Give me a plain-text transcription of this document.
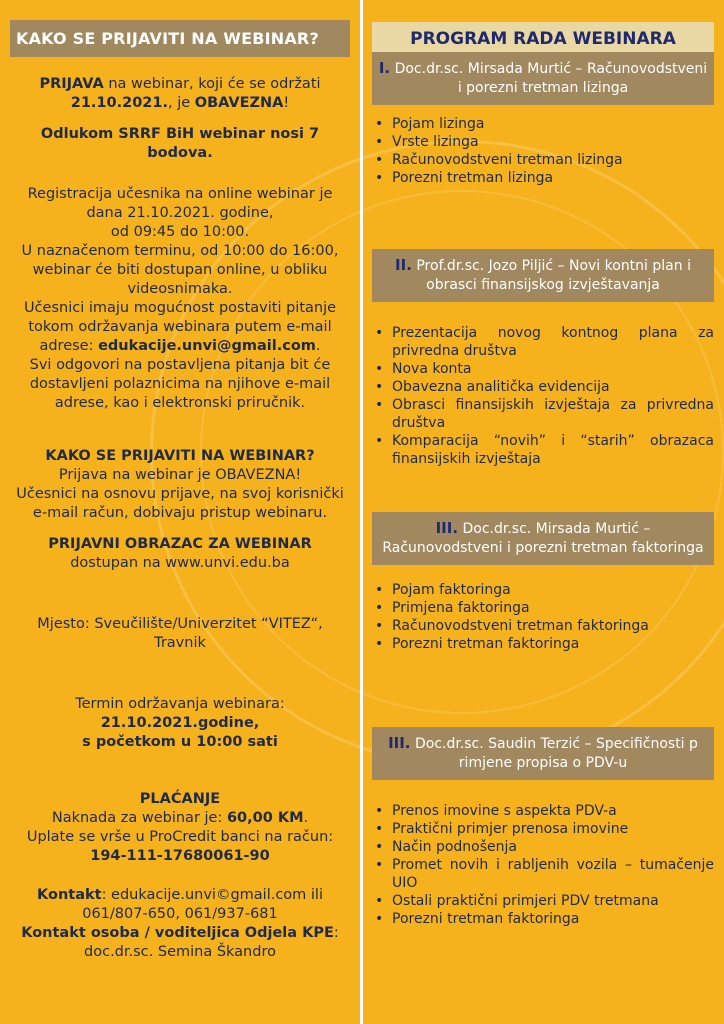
KAKO SE PRIJAVITI NA WEBINAR?

PRIJAVA na webinar, koji će se održati 21.10.2021., je OBAVEZNA!

Odlukom SRRF BiH webinar nosi 7 bodova.

Registracija učesnika na online webinar je dana 21.10.2021. godine,
od 09:45 do 10:00.
U naznačenom terminu, od 10:00 do 16:00, webinar će biti dostupan online, u obliku videosnimaka.
Učesnici imaju mogućnost postaviti pitanje tokom održavanja webinara putem e-mail adrese: edukacije.unvi@gmail.com.
Svi odgovori na postavljena pitanja bit će dostavljeni polaznicima na njihove e-mail adrese, kao i elektronski priručnik.

KAKO SE PRIJAVITI NA WEBINAR?
Prijava na webinar je OBAVEZNA!
Učesnici na osnovu prijave, na svoj korisnički e-mail račun, dobivaju pristup webinaru.

PRIJAVNI OBRAZAC ZA WEBINAR
dostupan na www.unvi.edu.ba

Mjesto: Sveučilište/Univerzitet “VITEZ“, Travnik

Termin održavanja webinara:
21.10.2021.godine,
s početkom u 10:00 sati

PLAĆANJE
Naknada za webinar je: 60,00 KM.
Uplate se vrše u ProCredit banci na račun:
194-111-17680061-90

Kontakt: edukacije.unvi©gmail.com ili 061/807-650, 061/937-681
Kontakt osoba / voditeljica Odjela KPE:
doc.dr.sc. Semina Škandro

PROGRAM RADA WEBINARA
I. Doc.dr.sc. Mirsada Murtić – Računovodstveni i porezni tretman lizinga
• Pojam lizinga
• Vrste lizinga
• Računovodstveni tretman lizinga
• Porezni tretman lizinga
II. Prof.dr.sc. Jozo Piljić – Novi kontni plan i obrasci finansijskog izvještavanja
• Prezentacija novog kontnog plana za privredna društva
• Nova konta
• Obavezna analitička evidencija
• Obrasci finansijskih izvještaja za privredna društva
• Komparacija “novih” i “starih” obrazaca finansijskih izvještaja
III. Doc.dr.sc. Mirsada Murtić – Računovodstveni i porezni tretman faktoringa
• Pojam faktoringa
• Primjena faktoringa
• Računovodstveni tretman faktoringa
• Porezni tretman faktoringa
III. Doc.dr.sc. Saudin Terzić – Specifičnosti p rimjene propisa o PDV-u
• Prenos imovine s aspekta PDV-a
• Praktični primjer prenosa imovine
• Način podnošenja
• Promet novih i rabljenih vozila – tumačenje UIO
• Ostali praktični primjeri PDV tretmana
• Porezni tretman faktoringa
